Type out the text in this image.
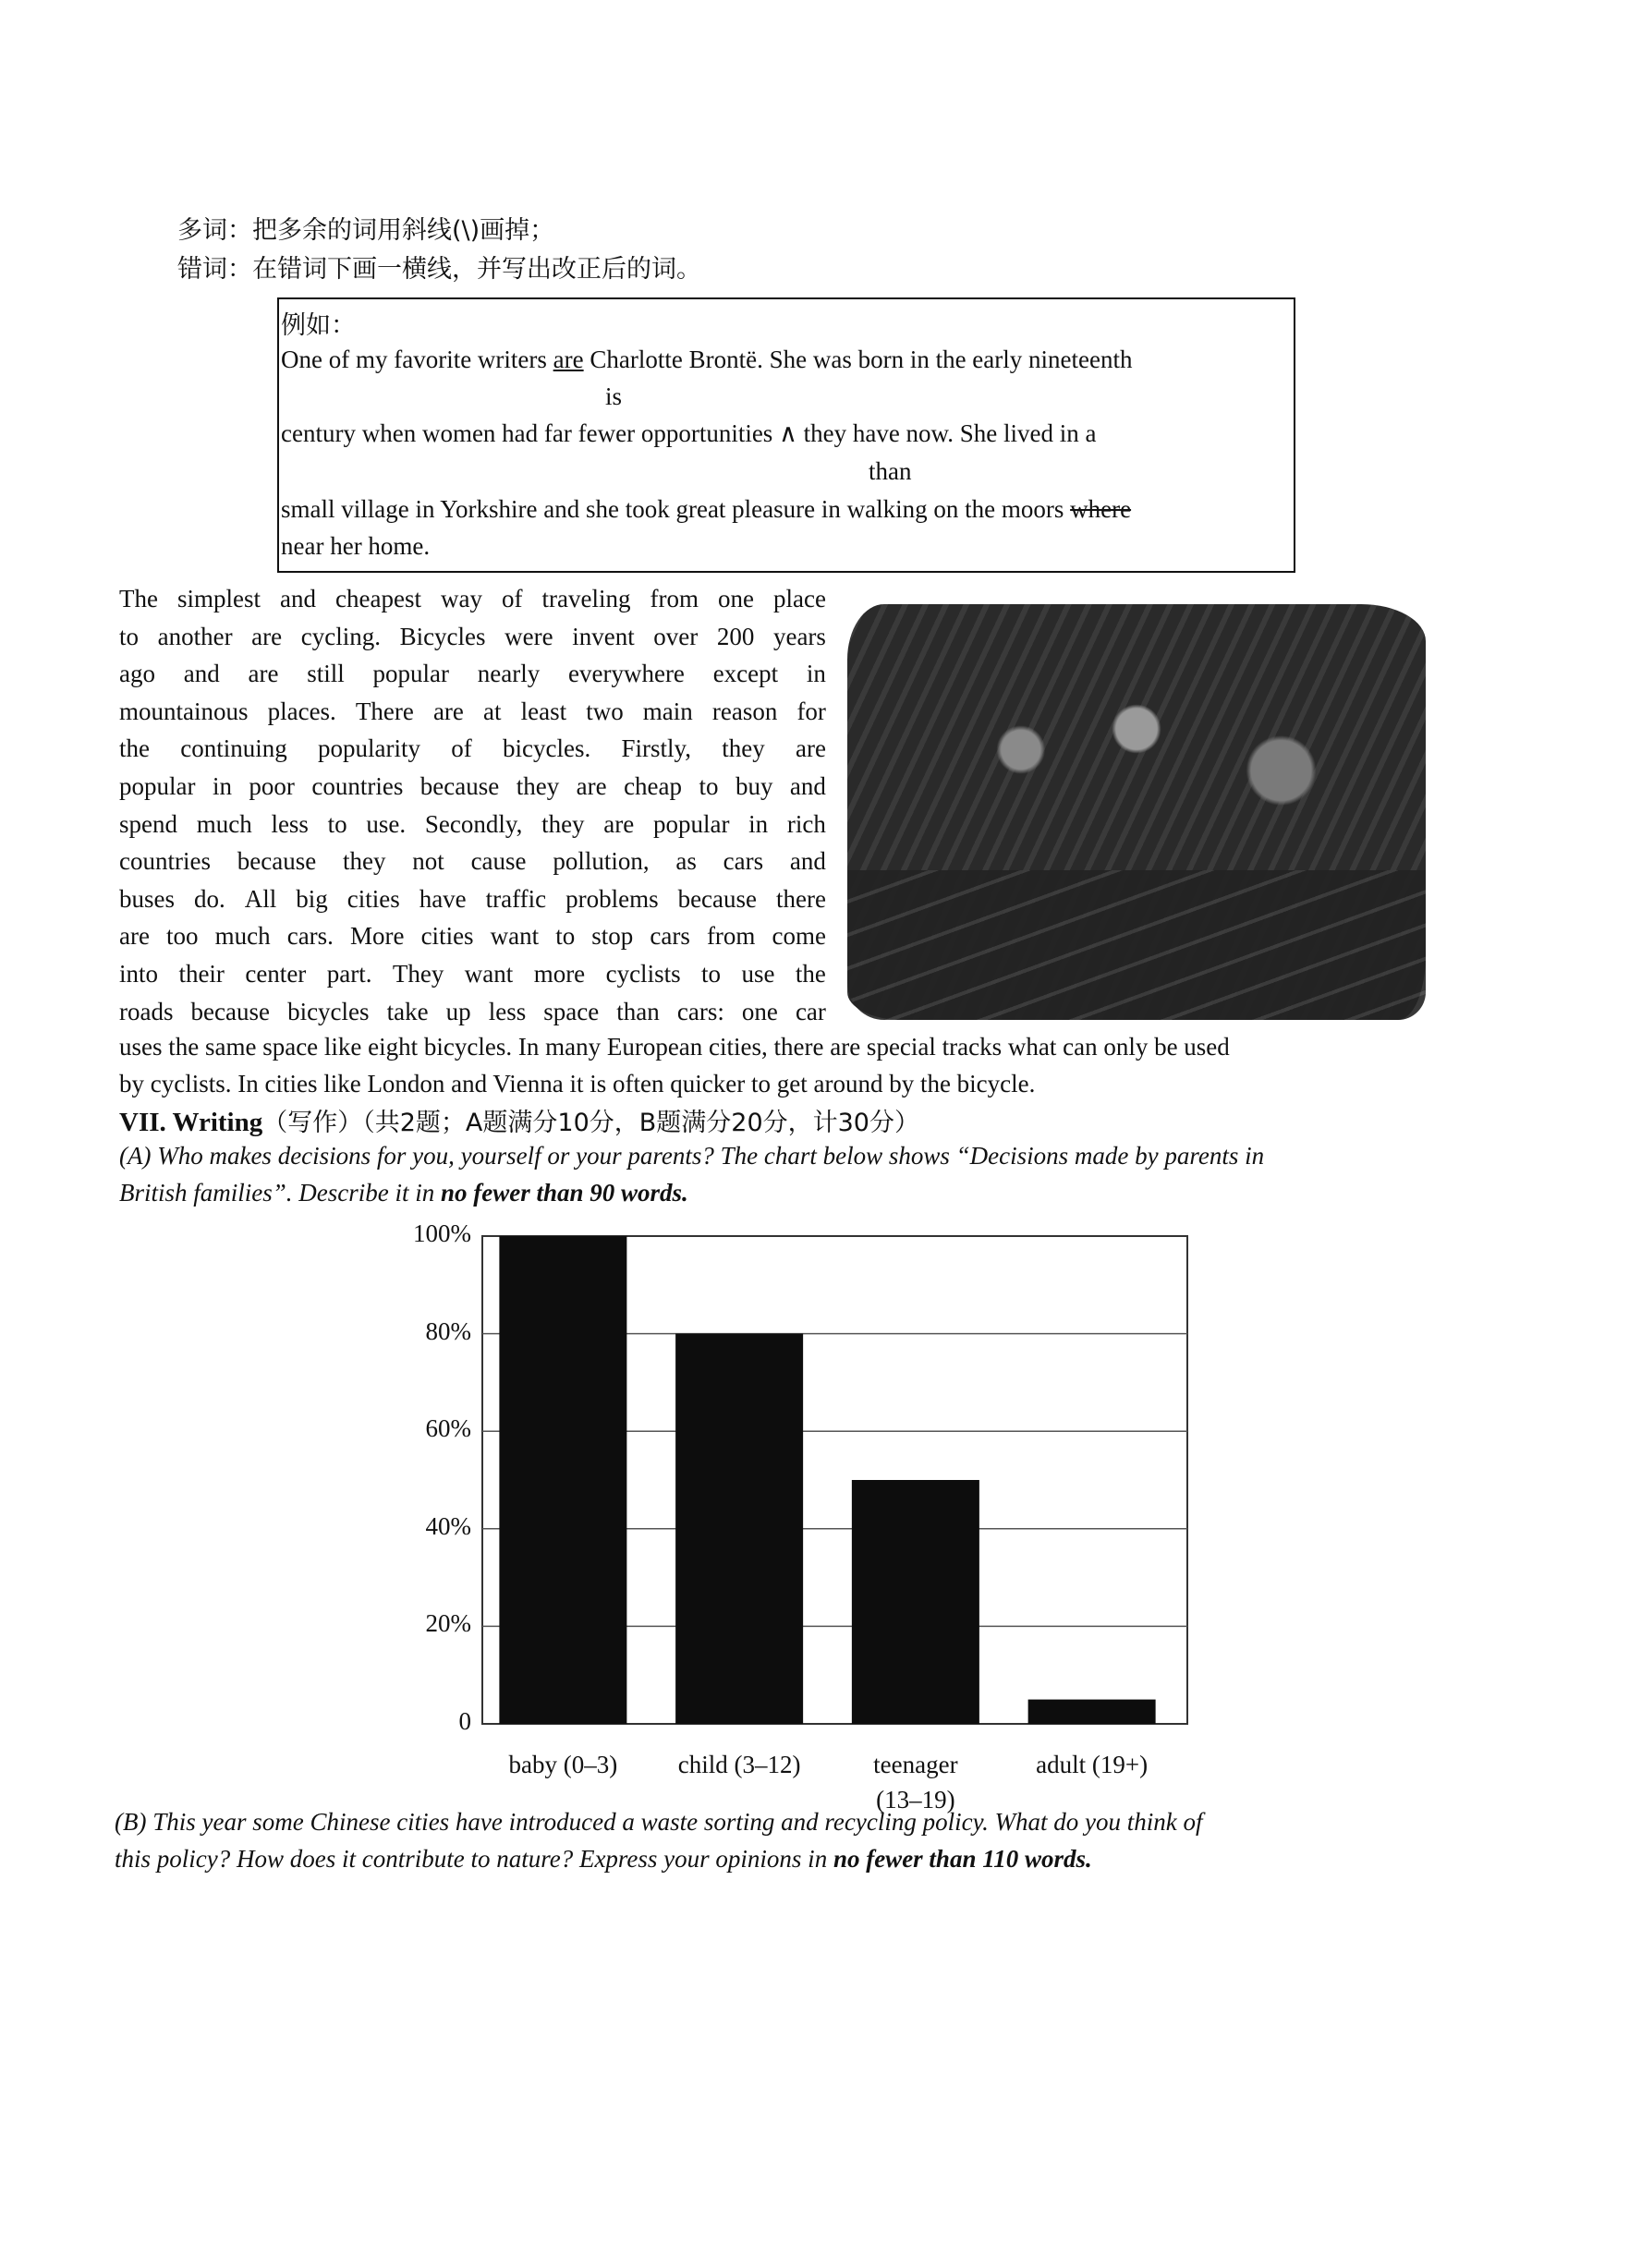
多词：把多余的词用斜线(\)画掉；
错词：在错词下画一横线，并写出改正后的词。
例如：
One of my favorite writers are Charlotte Brontë. She was born in the early nineteenth
is
century when women had far fewer opportunities ∧ they have now. She lived in a
than
small village in Yorkshire and she took great pleasure in walking on the moors where
near her home.
The simplest and cheapest way of traveling from one place
to another are cycling. Bicycles were invent over 200 years
ago and are still popular nearly everywhere except in
mountainous places. There are at least two main reason for
the continuing popularity of bicycles. Firstly, they are
popular in poor countries because they are cheap to buy and
spend much less to use. Secondly, they are popular in rich
countries because they not cause pollution, as cars and
buses do. All big cities have traffic problems because there
are too much cars. More cities want to stop cars from come
into their center part. They want more cyclists to use the
roads because bicycles take up less space than cars: one car
uses the same space like eight bicycles. In many European cities, there are special tracks what can only be used
by cyclists. In cities like London and Vienna it is often quicker to get around by the bicycle.
VII. Writing（写作）（共2题；A题满分10分，B题满分20分，计30分）
(A) Who makes decisions for you, yourself or your parents? The chart below shows “Decisions made by parents in
British families”. Describe it in no fewer than 90 words.
0
20%
40%
60%
80%
100%
baby (0–3)	child (3–12)	teenager
(13–19)
adult (19+)
(B) This year some Chinese cities have introduced a waste sorting and recycling policy. What do you think of
this policy? How does it contribute to nature? Express your opinions in no fewer than 110 words.
